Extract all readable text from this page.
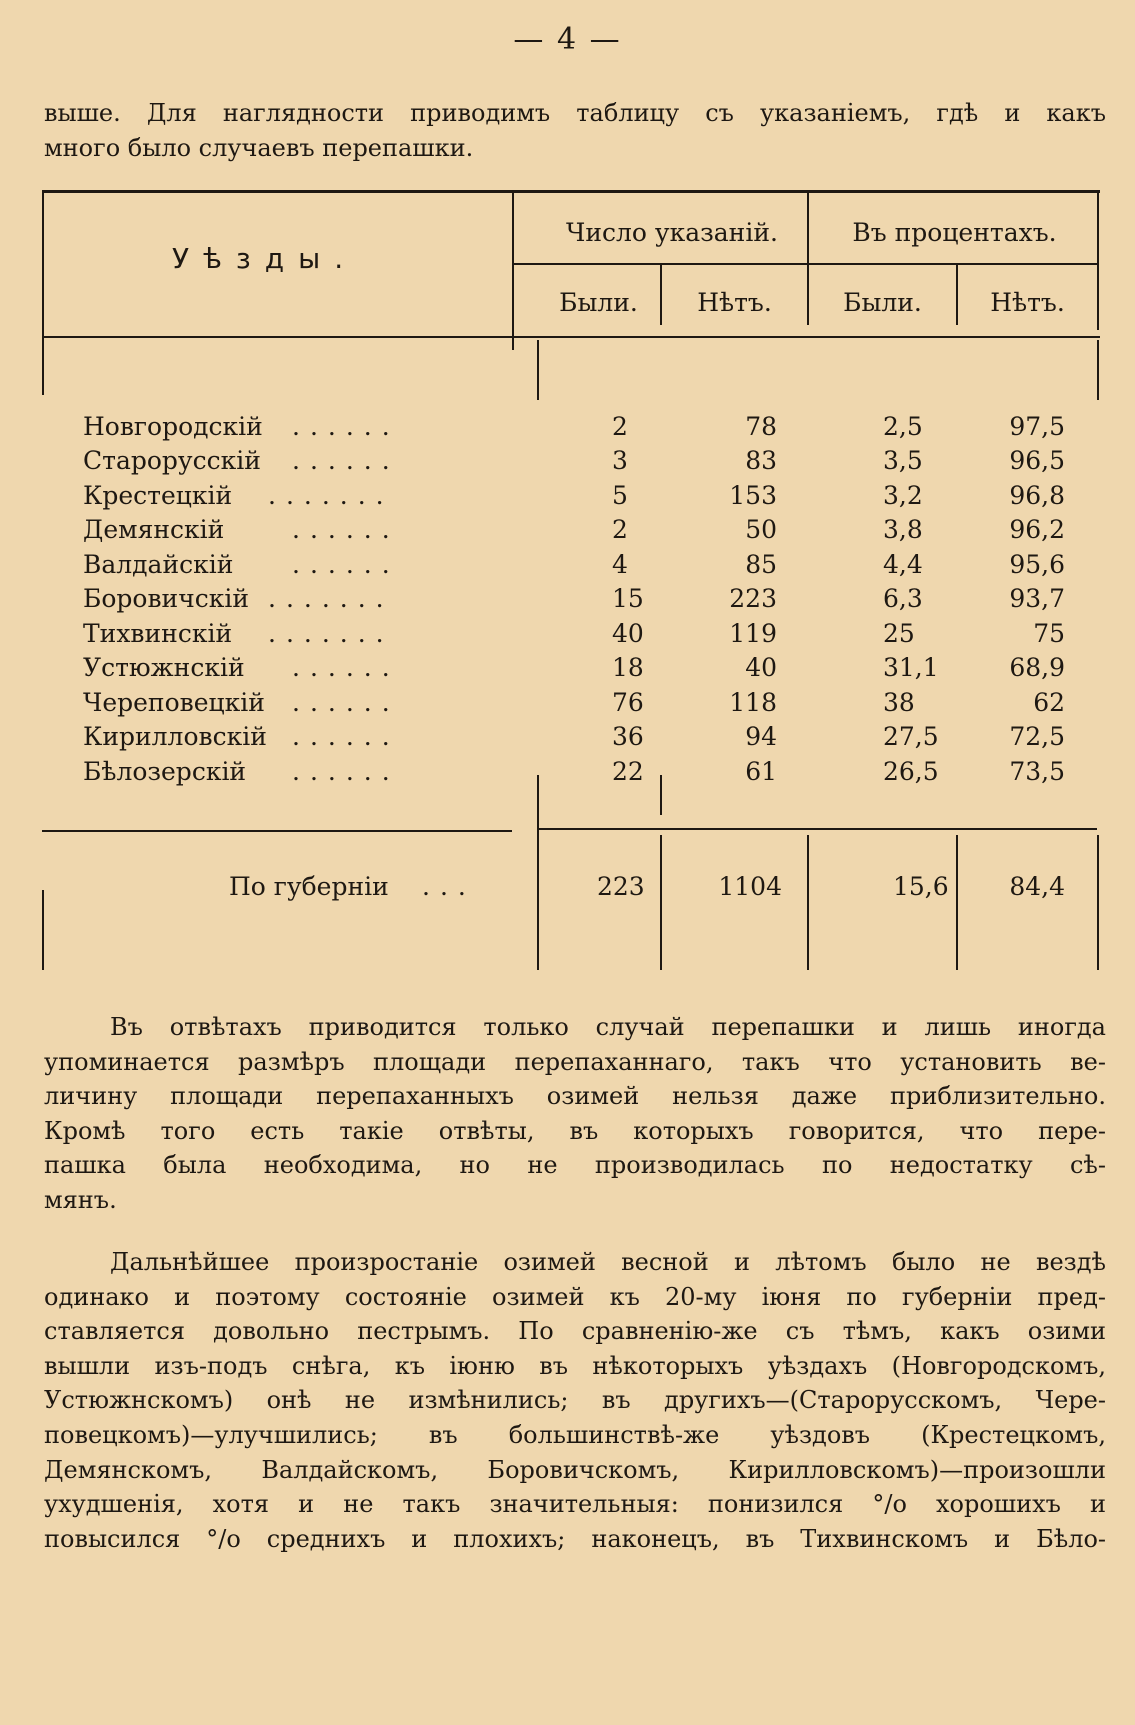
— 4 —
выше. Для наглядности приводимъ таблицу съ указаніемъ, гдѣ и какъ
много было случаевъ перепашки.
Уѣзды.
Число указаній.	Въ процентахъ.
Были.	Нѣтъ.	Были.	Нѣтъ.
Новгородскій ......	2	78	2,5	97,5
Старорусскій ......	3	83	3,5	96,5
Крестецкій .......	5	153	3,2	96,8
Демянскій	......	2	50	3,8	96,2
Валдайскій ......	4	85	4,4	95,6
Боровичскій .......	15	223	6,3	93,7
Тихвинскій .......	40	119	25	75
Устюжнскій ......	18	40	31,1	68,9
Череповецкій ......	76	118	38	62
Кирилловскій ......	36	94	27,5	72,5
Бѣлозерскій ......	22	61	26,5	73,5
По губерніи ...	223	1104	15,6	84,4
Въ отвѣтахъ приводится только случай перепашки и лишь иногда
упоминается размѣръ площади перепаханнаго, такъ что установить ве-
личину площади перепаханныхъ озимей нельзя даже приблизительно.
Кромѣ того есть такіе отвѣты, въ которыхъ говорится, что пере-
пашка была необходима, но не производилась по недостатку сѣ-
мянъ.
Дальнѣйшее произростаніе озимей весной и лѣтомъ было не вездѣ
одинако и поэтому состояніе озимей къ 20-му іюня по губерніи пред-
ставляется довольно пестрымъ. По сравненію-же съ тѣмъ, какъ озими
вышли изъ-подъ снѣга, къ іюню въ нѣкоторыхъ уѣздахъ (Новгородскомъ,
Устюжнскомъ) онѣ не измѣнились; въ другихъ—(Старорусскомъ, Чере-
повецкомъ)—улучшились; въ большинствѣ-же уѣздовъ (Крестецкомъ,
Демянскомъ, Валдайскомъ, Боровичскомъ, Кирилловскомъ)—произошли
ухудшенія, хотя и не такъ значительныя: понизился °/o хорошихъ и
повысился °/o среднихъ и плохихъ; наконецъ, въ Тихвинскомъ и Бѣло-
